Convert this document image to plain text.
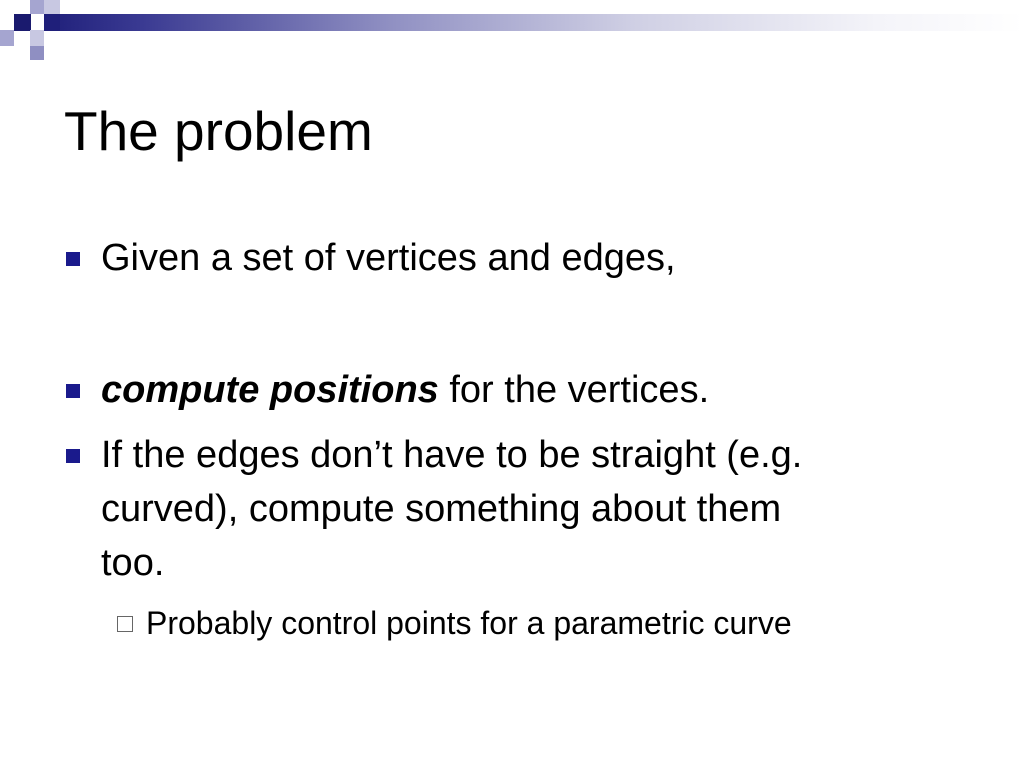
The problem
Given a set of vertices and edges,
compute positions for the vertices.
If the edges don’t have to be straight (e.g.
curved), compute something about them
too.
Probably control points for a parametric curve
